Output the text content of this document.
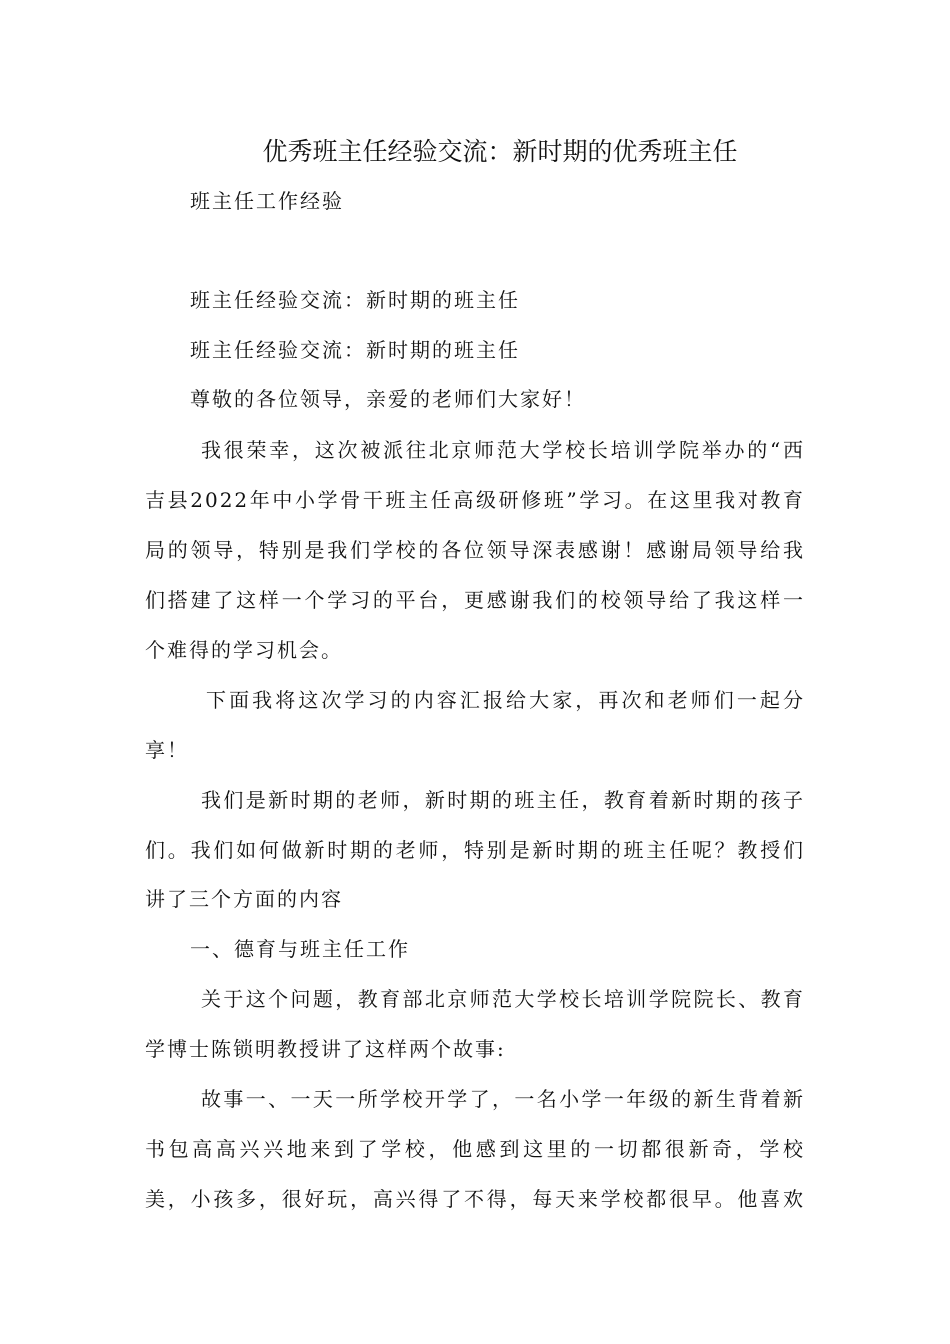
优秀班主任经验交流：新时期的优秀班主任
班主任工作经验
班主任经验交流：新时期的班主任
班主任经验交流：新时期的班主任
尊敬的各位领导，亲爱的老师们大家好！
我很荣幸，这次被派往北京师范大学校长培训学院举办的“西
吉县2022年中小学骨干班主任高级研修班”学习。在这里我对教育
局的领导，特别是我们学校的各位领导深表感谢！感谢局领导给我
们搭建了这样一个学习的平台，更感谢我们的校领导给了我这样一
个难得的学习机会。
下面我将这次学习的内容汇报给大家，再次和老师们一起分
享！
我们是新时期的老师，新时期的班主任，教育着新时期的孩子
们。我们如何做新时期的老师，特别是新时期的班主任呢？教授们
讲了三个方面的内容
一、德育与班主任工作
关于这个问题，教育部北京师范大学校长培训学院院长、教育
学博士陈锁明教授讲了这样两个故事:
故事一、一天一所学校开学了，一名小学一年级的新生背着新
书包高高兴兴地来到了学校，他感到这里的一切都很新奇，学校
美，小孩多，很好玩，高兴得了不得，每天来学校都很早。他喜欢
